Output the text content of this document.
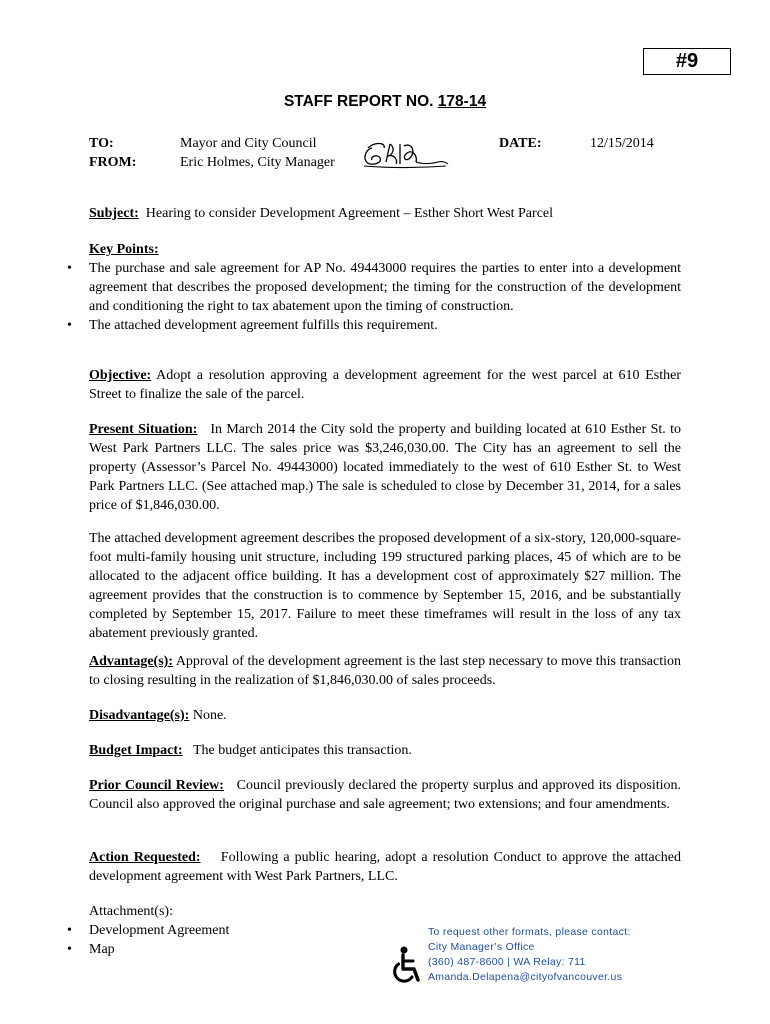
#9
STAFF REPORT NO. 178-14
TO:	Mayor and City Council
FROM:	Eric Holmes, City Manager
DATE:	12/15/2014

Subject: Hearing to consider Development Agreement – Esther Short West Parcel

Key Points:

• The purchase and sale agreement for AP No. 49443000 requires the parties to enter into a development agreement that describes the proposed development; the timing for the construction of the development and conditioning the right to tax abatement upon the timing of construction.
• The attached development agreement fulfills this requirement.

Objective: Adopt a resolution approving a development agreement for the west parcel at 610 Esther Street to finalize the sale of the parcel.

Present Situation: In March 2014 the City sold the property and building located at 610 Esther St. to West Park Partners LLC. The sales price was $3,246,030.00. The City has an agreement to sell the property (Assessor’s Parcel No. 49443000) located immediately to the west of 610 Esther St. to West Park Partners LLC. (See attached map.) The sale is scheduled to close by December 31, 2014, for a sales price of $1,846,030.00.

The attached development agreement describes the proposed development of a six-story, 120,000-square-foot multi-family housing unit structure, including 199 structured parking places, 45 of which are to be allocated to the adjacent office building. It has a development cost of approximately $27 million. The agreement provides that the construction is to commence by September 15, 2016, and be substantially completed by September 15, 2017. Failure to meet these timeframes will result in the loss of any tax abatement previously granted.

Advantage(s): Approval of the development agreement is the last step necessary to move this transaction to closing resulting in the realization of $1,846,030.00 of sales proceeds.

Disadvantage(s): None.

Budget Impact: The budget anticipates this transaction.

Prior Council Review: Council previously declared the property surplus and approved its disposition. Council also approved the original purchase and sale agreement; two extensions; and four amendments.

Action Requested: Following a public hearing, adopt a resolution Conduct to approve the attached development agreement with West Park Partners, LLC.

Attachment(s):

• Development Agreement
• Map
To request other formats, please contact:
City Manager’s Office
(360) 487-8600 | WA Relay: 711
Amanda.Delapena@cityofvancouver.us
